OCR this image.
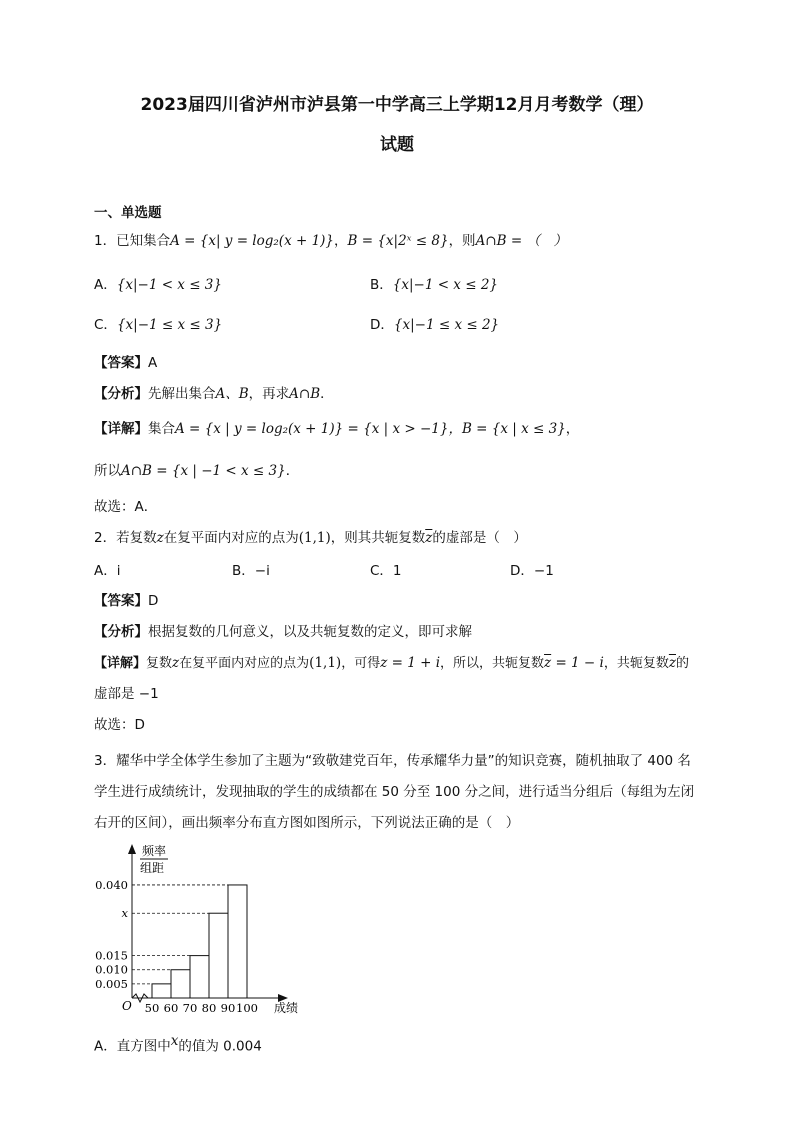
2023届四川省泸州市泸县第一中学高三上学期12月月考数学（理）
试题
一、单选题
1．已知集合A = {x| y = log₂(x + 1)}，B = {x|2ˣ ≤ 8}，则A∩B = （　）
A．{x|−1 < x ≤ 3}	B．{x|−1 < x ≤ 2}
C．{x|−1 ≤ x ≤ 3}	D．{x|−1 ≤ x ≤ 2}
【答案】A
【分析】先解出集合A、B，再求A∩B．
【详解】集合A = {x | y = log₂(x + 1)} = {x | x > −1}，B = {x | x ≤ 3}，
所以A∩B = {x | −1 < x ≤ 3}．
故选：A．
2．若复数z在复平面内对应的点为(1,1)，则其共轭复数$\overline{z}$的虚部是（　）
A．i	B．−i	C．1	D．−1
【答案】D
【分析】根据复数的几何意义，以及共轭复数的定义，即可求解
【详解】复数z在复平面内对应的点为(1,1)，可得z = 1 + i，所以，共轭复数$\overline{z} = 1 - i$，共轭复数$\overline{z}$的
虚部是 −1
故选：D
3．耀华中学全体学生参加了主题为“致敬建党百年，传承耀华力量”的知识竞赛，随机抽取了 400 名学生进行成绩统计，发现抽取的学生的成绩都在 50 分至 100 分之间，进行适当分组后（每组为左闭右开的区间），画出频率分布直方图如图所示，下列说法正确的是（　）
频率
组距
O	成绩
0.005
0.010
0.015
x
0.040
50 60 70 80 90 100
A．直方图中$^x$的值为 0.004
